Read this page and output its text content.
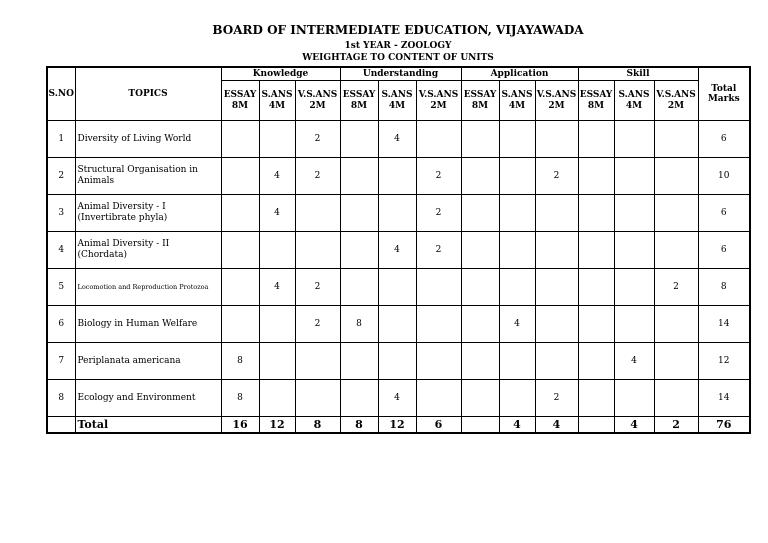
BOARD OF INTERMEDIATE EDUCATION, VIJAYAWADA
1st YEAR - ZOOLOGY
WEIGHTAGE TO CONTENT OF UNITS
S.NO	TOPICS	Knowledge			Understanding			Application			Skill			Total Marks
		ESSAY 8M	S.ANS 4M	V.S.ANS 2M	ESSAY 8M	S.ANS 4M	V.S.ANS 2M	ESSAY 8M	S.ANS 4M	V.S.ANS 2M	ESSAY 8M	S.ANS 4M	V.S.ANS 2M	
1	Diversity of Living World			2		4								6
2	Structural Organisation in Animals		4	2			2			2				10
3	Animal Diversity - I (Invertibrate phyla)		4				2							6
4	Animal Diversity - II (Chordata)					4	2							6
5	Locomotion and Reproduction Protozoa		4	2									2	8
6	Biology in Human Welfare			2	8				4					14
7	Periplanata americana	8										4		12
8	Ecology and Environment	8				4				2				14
	Total	16	12	8	8	12	6		4	4		4	2	76
